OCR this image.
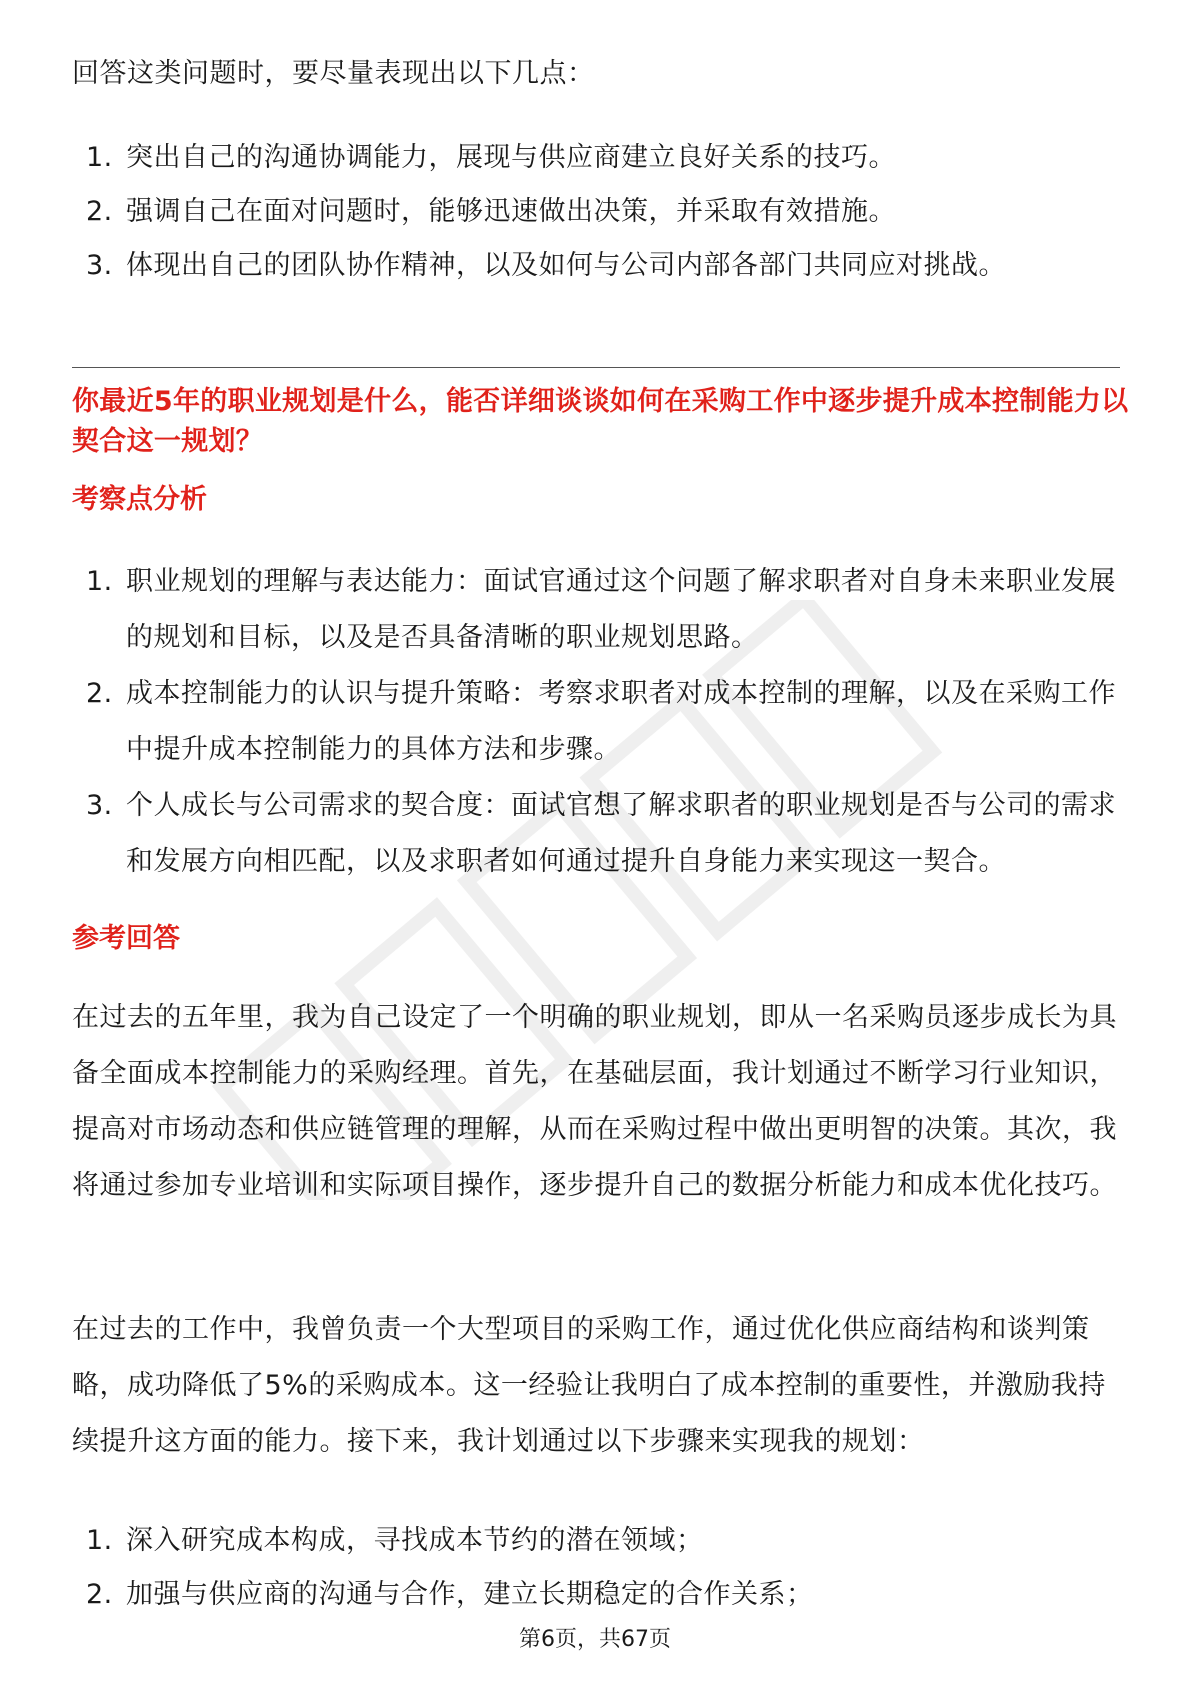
回答这类问题时，要尽量表现出以下几点：

1. 突出自己的沟通协调能力，展现与供应商建立良好关系的技巧。
2. 强调自己在面对问题时，能够迅速做出决策，并采取有效措施。
3. 体现出自己的团队协作精神，以及如何与公司内部各部门共同应对挑战。
你最近5年的职业规划是什么，能否详细谈谈如何在采购工作中逐步提升成本控制能力以契合这一规划？
考察点分析
1. 职业规划的理解与表达能力：面试官通过这个问题了解求职者对自身未来职业发展的规划和目标，以及是否具备清晰的职业规划思路。
2. 成本控制能力的认识与提升策略：考察求职者对成本控制的理解，以及在采购工作中提升成本控制能力的具体方法和步骤。
3. 个人成长与公司需求的契合度：面试官想了解求职者的职业规划是否与公司的需求和发展方向相匹配，以及求职者如何通过提升自身能力来实现这一契合。
参考回答

在过去的五年里，我为自己设定了一个明确的职业规划，即从一名采购员逐步成长为具备全面成本控制能力的采购经理。首先，在基础层面，我计划通过不断学习行业知识，提高对市场动态和供应链管理的理解，从而在采购过程中做出更明智的决策。其次，我将通过参加专业培训和实际项目操作，逐步提升自己的数据分析能力和成本优化技巧。

在过去的工作中，我曾负责一个大型项目的采购工作，通过优化供应商结构和谈判策略，成功降低了5%的采购成本。这一经验让我明白了成本控制的重要性，并激励我持续提升这方面的能力。接下来，我计划通过以下步骤来实现我的规划：

1. 深入研究成本构成，寻找成本节约的潜在领域；
2. 加强与供应商的沟通与合作，建立长期稳定的合作关系；
第6页，共67页
